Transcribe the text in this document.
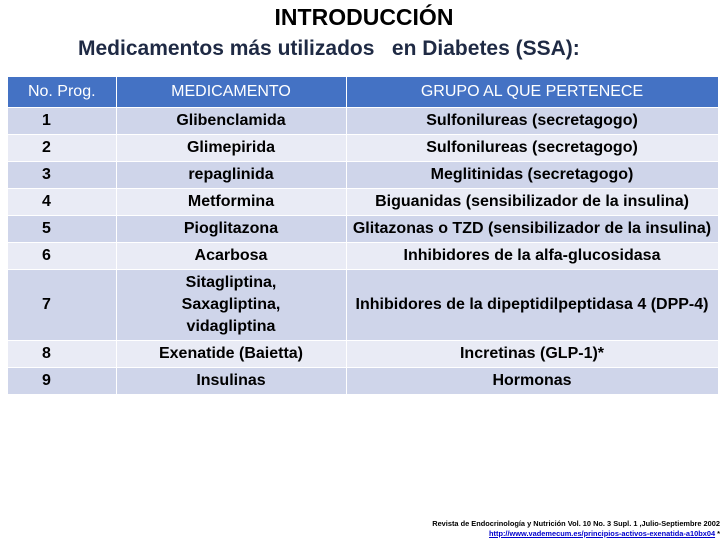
INTRODUCCIÓN
Medicamentos más utilizados   en Diabetes (SSA):
No. Prog.	MEDICAMENTO	GRUPO AL QUE PERTENECE
1	Glibenclamida	Sulfonilureas (secretagogo)
2	Glimepirida	Sulfonilureas (secretagogo)
3	repaglinida	Meglitinidas (secretagogo)
4	Metformina	Biguanidas (sensibilizador de la insulina)
5	Pioglitazona	Glitazonas o TZD (sensibilizador de la insulina)
6	Acarbosa	Inhibidores de la alfa-glucosidasa
7	Sitagliptina, Saxagliptina, vidagliptina	Inhibidores de la dipeptidilpeptidasa 4 (DPP-4)
8	Exenatide (Baietta)	Incretinas (GLP-1)*
9	Insulinas	Hormonas
Revista de Endocrinología y Nutrición Vol. 10 No. 3 Supl. 1 ,Julio-Septiembre 2002
http://www.vademecum.es/principios-activos-exenatida-a10bx04 *
